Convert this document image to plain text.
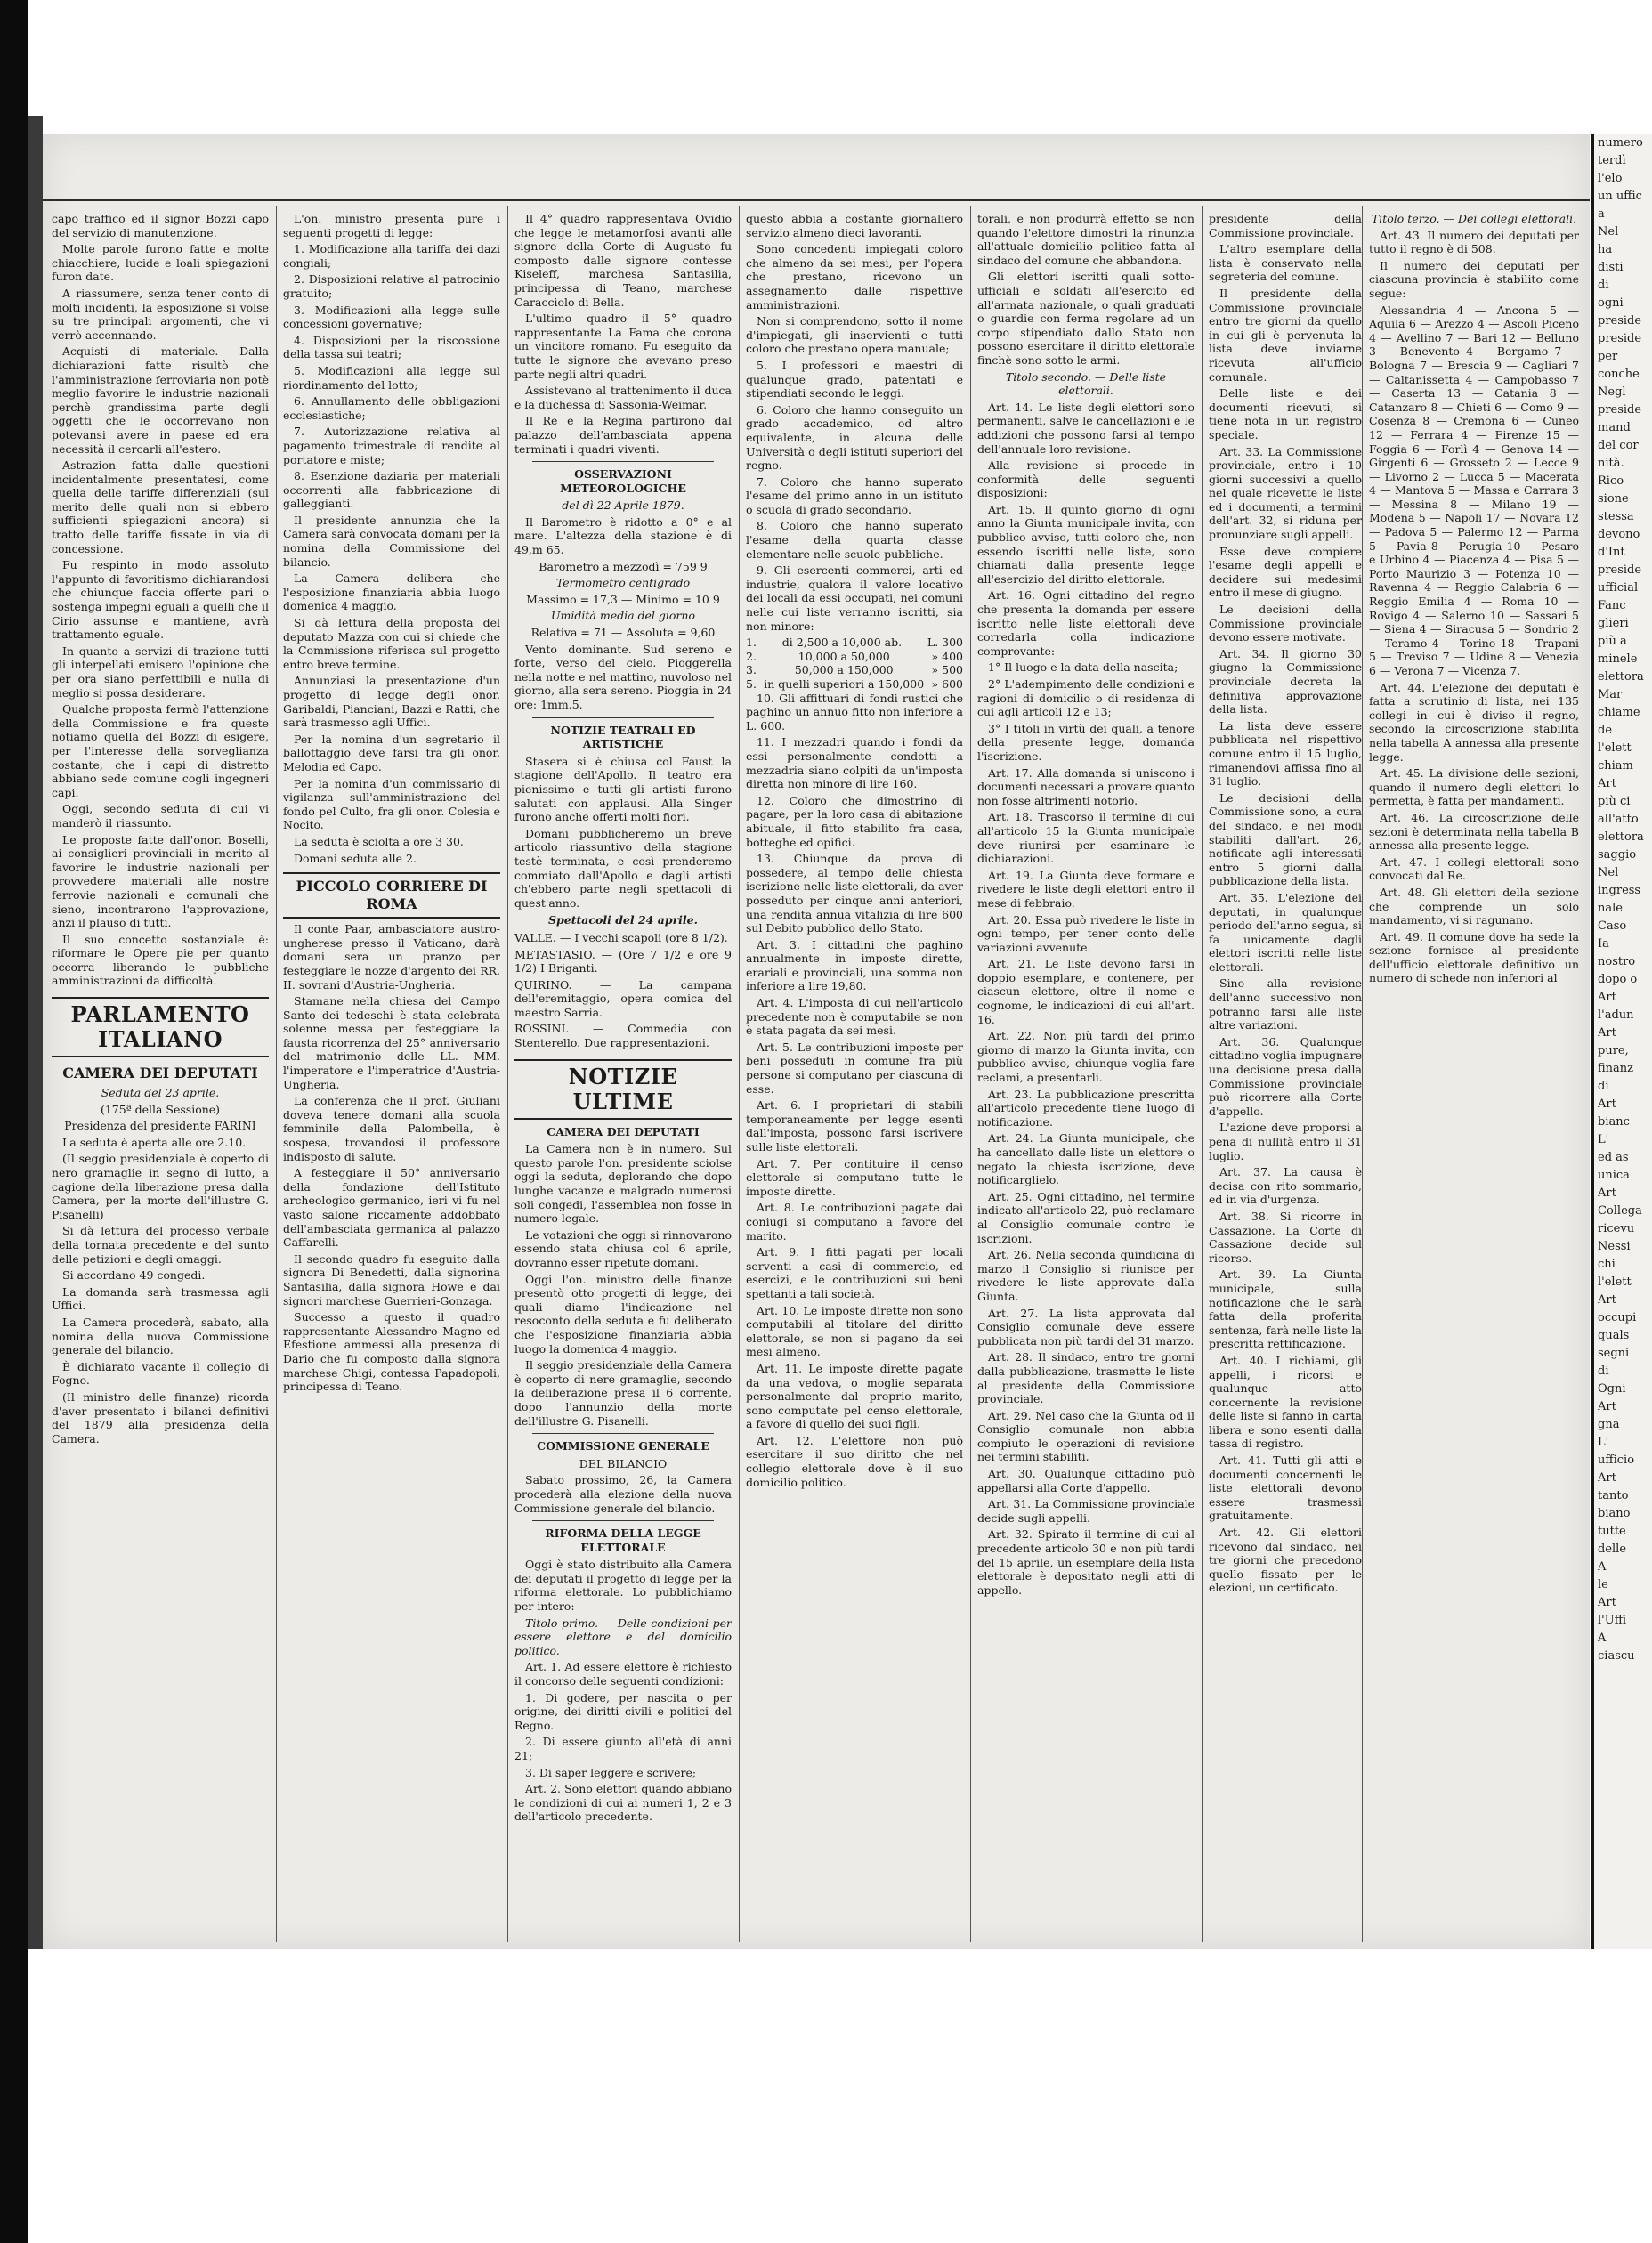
capo traffico ed il signor Bozzi capo del servizio di manutenzione.

Molte parole furono fatte e molte chiacchiere, lucide e loali spiegazioni furon date.

A riassumere, senza tener conto di molti incidenti, la esposizione si volse su tre principali argomenti, che vi verrò accennando.

Acquisti di materiale. Dalla dichiarazioni fatte risultò che l'amministrazione ferroviaria non potè meglio favorire le industrie nazionali perchè grandissima parte degli oggetti che le occorrevano non potevansi avere in paese ed era necessità il cercarli all'estero.

Astrazion fatta dalle questioni incidentalmente presentatesi, come quella delle tariffe differenziali (sul merito delle quali non si ebbero sufficienti spiegazioni ancora) si tratto delle tariffe fissate in via di concessione.

Fu respinto in modo assoluto l'appunto di favoritismo dichiarandosi che chiunque faccia offerte pari o sostenga impegni eguali a quelli che il Cirio assunse e mantiene, avrà trattamento eguale.

In quanto a servizi di trazione tutti gli interpellati emisero l'opinione che per ora siano perfettibili e nulla di meglio si possa desiderare.

Qualche proposta fermò l'attenzione della Commissione e fra queste notiamo quella del Bozzi di esigere, per l'interesse della sorveglianza costante, che i capi di distretto abbiano sede comune cogli ingegneri capi.

Oggi, secondo seduta di cui vi manderò il riassunto.

Le proposte fatte dall'onor. Boselli, ai consiglieri provinciali in merito al favorire le industrie nazionali per provvedere materiali alle nostre ferrovie nazionali e comunali che sieno, incontrarono l'approvazione, anzi il plauso di tutti.

Il suo concetto sostanziale è: riformare le Opere pie per quanto occorra liberando le pubbliche amministrazioni da difficoltà.

PARLAMENTO ITALIANO
CAMERA DEI DEPUTATI

Seduta del 23 aprile.

(175ª della Sessione)

Presidenza del presidente FARINI

La seduta è aperta alle ore 2.10.

(Il seggio presidenziale è coperto di nero gramaglie in segno di lutto, a cagione della liberazione presa dalla Camera, per la morte dell'illustre G. Pisanelli)

Si dà lettura del processo verbale della tornata precedente e del sunto delle petizioni e degli omaggi.

Si accordano 49 congedi.

La domanda sarà trasmessa agli Uffici.

La Camera procederà, sabato, alla nomina della nuova Commissione generale del bilancio.

È dichiarato vacante il collegio di Fogno.

(Il ministro delle finanze) ricorda d'aver presentato i bilanci definitivi del 1879 alla presidenza della Camera.

L'on. ministro presenta pure i seguenti progetti di legge:

1. Modificazione alla tariffa dei dazi congiali;

2. Disposizioni relative al patrocinio gratuito;

3. Modificazioni alla legge sulle concessioni governative;

4. Disposizioni per la riscossione della tassa sui teatri;

5. Modificazioni alla legge sul riordinamento del lotto;

6. Annullamento delle obbligazioni ecclesiastiche;

7. Autorizzazione relativa al pagamento trimestrale di rendite al portatore e miste;

8. Esenzione daziaria per materiali occorrenti alla fabbricazione di galleggianti.

Il presidente annunzia che la Camera sarà convocata domani per la nomina della Commissione del bilancio.

La Camera delibera che l'esposizione finanziaria abbia luogo domenica 4 maggio.

Si dà lettura della proposta del deputato Mazza con cui si chiede che la Commissione riferisca sul progetto entro breve termine.

Annunziasi la presentazione d'un progetto di legge degli onor. Garibaldi, Pianciani, Bazzi e Ratti, che sarà trasmesso agli Uffici.

Per la nomina d'un segretario il ballottaggio deve farsi tra gli onor. Melodia ed Capo.

Per la nomina d'un commissario di vigilanza sull'amministrazione del fondo pel Culto, fra gli onor. Colesia e Nocito.

La seduta è sciolta a ore 3 30.

Domani seduta alle 2.

PICCOLO CORRIERE DI ROMA

Il conte Paar, ambasciatore austro-ungherese presso il Vaticano, darà domani sera un pranzo per festeggiare le nozze d'argento dei RR. II. sovrani d'Austria-Ungheria.

Stamane nella chiesa del Campo Santo dei tedeschi è stata celebrata solenne messa per festeggiare la fausta ricorrenza del 25° anniversario del matrimonio delle LL. MM. l'imperatore e l'imperatrice d'Austria-Ungheria.

La conferenza che il prof. Giuliani doveva tenere domani alla scuola femminile della Palombella, è sospesa, trovandosi il professore indisposto di salute.

A festeggiare il 50° anniversario della fondazione dell'Istituto archeologico germanico, ieri vi fu nel vasto salone riccamente addobbato dell'ambasciata germanica al palazzo Caffarelli.

Il secondo quadro fu eseguito dalla signora Di Benedetti, dalla signorina Santasilia, dalla signora Howe e dai signori marchese Guerrieri-Gonzaga.

Successo a questo il quadro rappresentante Alessandro Magno ed Efestione ammessi alla presenza di Dario che fu composto dalla signora marchese Chigi, contessa Papadopoli, principessa di Teano.

Il 4° quadro rappresentava Ovidio che legge le metamorfosi avanti alle signore della Corte di Augusto fu composto dalle signore contesse Kiseleff, marchesa Santasilia, principessa di Teano, marchese Caracciolo di Bella.

L'ultimo quadro il 5° quadro rappresentante La Fama che corona un vincitore romano. Fu eseguito da tutte le signore che avevano preso parte negli altri quadri.

Assistevano al trattenimento il duca e la duchessa di Sassonia-Weimar.

Il Re e la Regina partirono dal palazzo dell'ambasciata appena terminati i quadri viventi.

OSSERVAZIONI METEOROLOGICHE

del dì 22 Aprile 1879.

Il Barometro è ridotto a 0° e al mare. L'altezza della stazione è di 49,m 65.

Barometro a mezzodì = 759 9

Termometro centigrado

Massimo = 17,3 — Minimo = 10 9

Umidità media del giorno

Relativa = 71 — Assoluta = 9,60

Vento dominante. Sud sereno e forte, verso del cielo. Pioggerella nella notte e nel mattino, nuvoloso nel giorno, alla sera sereno. Pioggia in 24 ore: 1mm.5.

NOTIZIE TEATRALI ED ARTISTICHE

Stasera si è chiusa col Faust la stagione dell'Apollo. Il teatro era pienissimo e tutti gli artisti furono salutati con applausi. Alla Singer furono anche offerti molti fiori.

Domani pubblicheremo un breve articolo riassuntivo della stagione testè terminata, e così prenderemo commiato dall'Apollo e dagli artisti ch'ebbero parte negli spettacoli di quest'anno.

Spettacoli del 24 aprile.

VALLE. — I vecchi scapoli (ore 8 1/2).

METASTASIO. — (Ore 7 1/2 e ore 9 1/2) I Briganti.

QUIRINO. — La campana dell'eremitaggio, opera comica del maestro Sarria.

ROSSINI. — Commedia con Stenterello. Due rappresentazioni.

NOTIZIE ULTIME
CAMERA DEI DEPUTATI

La Camera non è in numero. Sul questo parole l'on. presidente sciolse oggi la seduta, deplorando che dopo lunghe vacanze e malgrado numerosi soli congedi, l'assemblea non fosse in numero legale.

Le votazioni che oggi si rinnovarono essendo stata chiusa col 6 aprile, dovranno esser ripetute domani.

Oggi l'on. ministro delle finanze presentò otto progetti di legge, dei quali diamo l'indicazione nel resoconto della seduta e fu deliberato che l'esposizione finanziaria abbia luogo la domenica 4 maggio.

Il seggio presidenziale della Camera è coperto di nere gramaglie, secondo la deliberazione presa il 6 corrente, dopo l'annunzio della morte dell'illustre G. Pisanelli.

COMMISSIONE GENERALE

DEL BILANCIO

Sabato prossimo, 26, la Camera procederà alla elezione della nuova Commissione generale del bilancio.

RIFORMA DELLA LEGGE ELETTORALE

Oggi è stato distribuito alla Camera dei deputati il progetto di legge per la riforma elettorale. Lo pubblichiamo per intero:

Titolo primo. — Delle condizioni per essere elettore e del domicilio politico.

Art. 1. Ad essere elettore è richiesto il concorso delle seguenti condizioni:

1. Di godere, per nascita o per origine, dei diritti civili e politici del Regno.

2. Di essere giunto all'età di anni 21;

3. Di saper leggere e scrivere;

Art. 2. Sono elettori quando abbiano le condizioni di cui ai numeri 1, 2 e 3 dell'articolo precedente.

questo abbia a costante giornaliero servizio almeno dieci lavoranti.

Sono concedenti impiegati coloro che almeno da sei mesi, per l'opera che prestano, ricevono un assegnamento dalle rispettive amministrazioni.

Non si comprendono, sotto il nome d'impiegati, gli inservienti e tutti coloro che prestano opera manuale;

5. I professori e maestri di qualunque grado, patentati e stipendiati secondo le leggi.

6. Coloro che hanno conseguito un grado accademico, od altro equivalente, in alcuna delle Università o degli istituti superiori del regno.

7. Coloro che hanno superato l'esame del primo anno in un istituto o scuola di grado secondario.

8. Coloro che hanno superato l'esame della quarta classe elementare nelle scuole pubbliche.

9. Gli esercenti commerci, arti ed industrie, qualora il valore locativo dei locali da essi occupati, nei comuni nelle cui liste verranno iscritti, sia non minore:

1. di 2,500 a 10,000 ab. L. 300
2.	10,000 a 50,000	» 400
3.	50,000 a 150,000	» 500
5. in quelli superiori a 150,000 » 600

10. Gli affittuari di fondi rustici che paghino un annuo fitto non inferiore a L. 600.

11. I mezzadri quando i fondi da essi personalmente condotti a mezzadria siano colpiti da un'imposta diretta non minore di lire 160.

12. Coloro che dimostrino di pagare, per la loro casa di abitazione abituale, il fitto stabilito fra casa, botteghe ed opifici.

13. Chiunque da prova di possedere, al tempo delle chiesta iscrizione nelle liste elettorali, da aver posseduto per cinque anni anteriori, una rendita annua vitalizia di lire 600 sul Debito pubblico dello Stato.

Art. 3. I cittadini che paghino annualmente in imposte dirette, erariali e provinciali, una somma non inferiore a lire 19,80.

Art. 4. L'imposta di cui nell'articolo precedente non è computabile se non è stata pagata da sei mesi.

Art. 5. Le contribuzioni imposte per beni posseduti in comune fra più persone si computano per ciascuna di esse.

Art. 6. I proprietari di stabili temporaneamente per legge esenti dall'imposta, possono farsi iscrivere sulle liste elettorali.

Art. 7. Per contituire il censo elettorale si computano tutte le imposte dirette.

Art. 8. Le contribuzioni pagate dai coniugi si computano a favore del marito.

Art. 9. I fitti pagati per locali serventi a casi di commercio, ed esercizi, e le contribuzioni sui beni spettanti a tali società.

Art. 10. Le imposte dirette non sono computabili al titolare del diritto elettorale, se non si pagano da sei mesi almeno.

Art. 11. Le imposte dirette pagate da una vedova, o moglie separata personalmente dal proprio marito, sono computate pel censo elettorale, a favore di quello dei suoi figli.

Art. 12. L'elettore non può esercitare il suo diritto che nel collegio elettorale dove è il suo domicilio politico.

torali, e non produrrà effetto se non quando l'elettore dimostri la rinunzia all'attuale domicilio politico fatta al sindaco del comune che abbandona.

Gli elettori iscritti quali sotto-ufficiali e soldati all'esercito ed all'armata nazionale, o quali graduati o guardie con ferma regolare ad un corpo stipendiato dallo Stato non possono esercitare il diritto elettorale finchè sono sotto le armi.

Titolo secondo. — Delle liste elettorali.

Art. 14. Le liste degli elettori sono permanenti, salve le cancellazioni e le addizioni che possono farsi al tempo dell'annuale loro revisione.

Alla revisione si procede in conformità delle seguenti disposizioni:

Art. 15. Il quinto giorno di ogni anno la Giunta municipale invita, con pubblico avviso, tutti coloro che, non essendo iscritti nelle liste, sono chiamati dalla presente legge all'esercizio del diritto elettorale.

Art. 16. Ogni cittadino del regno che presenta la domanda per essere iscritto nelle liste elettorali deve corredarla colla indicazione comprovante:

1° Il luogo e la data della nascita;

2° L'adempimento delle condizioni e ragioni di domicilio o di residenza di cui agli articoli 12 e 13;

3° I titoli in virtù dei quali, a tenore della presente legge, domanda l'iscrizione.

Art. 17. Alla domanda si uniscono i documenti necessari a provare quanto non fosse altrimenti notorio.

Art. 18. Trascorso il termine di cui all'articolo 15 la Giunta municipale deve riunirsi per esaminare le dichiarazioni.

Art. 19. La Giunta deve formare e rivedere le liste degli elettori entro il mese di febbraio.

Art. 20. Essa può rivedere le liste in ogni tempo, per tener conto delle variazioni avvenute.

Art. 21. Le liste devono farsi in doppio esemplare, e contenere, per ciascun elettore, oltre il nome e cognome, le indicazioni di cui all'art. 16.

Art. 22. Non più tardi del primo giorno di marzo la Giunta invita, con pubblico avviso, chiunque voglia fare reclami, a presentarli.

Art. 23. La pubblicazione prescritta all'articolo precedente tiene luogo di notificazione.

Art. 24. La Giunta municipale, che ha cancellato dalle liste un elettore o negato la chiesta iscrizione, deve notificarglielo.

Art. 25. Ogni cittadino, nel termine indicato all'articolo 22, può reclamare al Consiglio comunale contro le iscrizioni.

Art. 26. Nella seconda quindicina di marzo il Consiglio si riunisce per rivedere le liste approvate dalla Giunta.

Art. 27. La lista approvata dal Consiglio comunale deve essere pubblicata non più tardi del 31 marzo.

Art. 28. Il sindaco, entro tre giorni dalla pubblicazione, trasmette le liste al presidente della Commissione provinciale.

Art. 29. Nel caso che la Giunta od il Consiglio comunale non abbia compiuto le operazioni di revisione nei termini stabiliti.

Art. 30. Qualunque cittadino può appellarsi alla Corte d'appello.

Art. 31. La Commissione provinciale decide sugli appelli.

Art. 32. Spirato il termine di cui al precedente articolo 30 e non più tardi del 15 aprile, un esemplare della lista elettorale è depositato negli atti di appello.

presidente della Commissione provinciale.

L'altro esemplare della lista è conservato nella segreteria del comune.

Il presidente della Commissione provinciale entro tre giorni da quello in cui gli è pervenuta la lista deve inviarne ricevuta all'ufficio comunale.

Delle liste e dei documenti ricevuti, si tiene nota in un registro speciale.

Art. 33. La Commissione provinciale, entro i 10 giorni successivi a quello nel quale ricevette le liste ed i documenti, a termini dell'art. 32, si riduna per pronunziare sugli appelli.

Esse deve compiere l'esame degli appelli e decidere sui medesimi entro il mese di giugno.

Le decisioni della Commissione provinciale devono essere motivate.

Art. 34. Il giorno 30 giugno la Commissione provinciale decreta la definitiva approvazione della lista.

La lista deve essere pubblicata nel rispettivo comune entro il 15 luglio, rimanendovi affissa fino al 31 luglio.

Le decisioni della Commissione sono, a cura del sindaco, e nei modi stabiliti dall'art. 26, notificate agli interessati entro 5 giorni dalla pubblicazione della lista.

Art. 35. L'elezione dei deputati, in qualunque periodo dell'anno segua, si fa unicamente dagli elettori iscritti nelle liste elettorali.

Sino alla revisione dell'anno successivo non potranno farsi alle liste altre variazioni.

Art. 36. Qualunque cittadino voglia impugnare una decisione presa dalla Commissione provinciale può ricorrere alla Corte d'appello.

L'azione deve proporsi a pena di nullità entro il 31 luglio.

Art. 37. La causa è decisa con rito sommario, ed in via d'urgenza.

Art. 38. Si ricorre in Cassazione. La Corte di Cassazione decide sul ricorso.

Art. 39. La Giunta municipale, sulla notificazione che le sarà fatta della proferita sentenza, farà nelle liste la prescritta rettificazione.

Art. 40. I richiami, gli appelli, i ricorsi e qualunque atto concernente la revisione delle liste si fanno in carta libera e sono esenti dalla tassa di registro.

Art. 41. Tutti gli atti e documenti concernenti le liste elettorali devono essere trasmessi gratuitamente.

Art. 42. Gli elettori ricevono dal sindaco, nei tre giorni che precedono quello fissato per le elezioni, un certificato.

Titolo terzo. — Dei collegi elettorali.

Art. 43. Il numero dei deputati per tutto il regno è di 508.

Il numero dei deputati per ciascuna provincia è stabilito come segue:

Alessandria 4 — Ancona 5 — Aquila 6 — Arezzo 4 — Ascoli Piceno 4 — Avellino 7 — Bari 12 — Belluno 3 — Benevento 4 — Bergamo 7 — Bologna 7 — Brescia 9 — Cagliari 7 — Caltanissetta 4 — Campobasso 7 — Caserta 13 — Catania 8 — Catanzaro 8 — Chieti 6 — Como 9 — Cosenza 8 — Cremona 6 — Cuneo 12 — Ferrara 4 — Firenze 15 — Foggia 6 — Forlì 4 — Genova 14 — Girgenti 6 — Grosseto 2 — Lecce 9 — Livorno 2 — Lucca 5 — Macerata 4 — Mantova 5 — Massa e Carrara 3 — Messina 8 — Milano 19 — Modena 5 — Napoli 17 — Novara 12 — Padova 5 — Palermo 12 — Parma 5 — Pavia 8 — Perugia 10 — Pesaro e Urbino 4 — Piacenza 4 — Pisa 5 — Porto Maurizio 3 — Potenza 10 — Ravenna 4 — Reggio Calabria 6 — Reggio Emilia 4 — Roma 10 — Rovigo 4 — Salerno 10 — Sassari 5 — Siena 4 — Siracusa 5 — Sondrio 2 — Teramo 4 — Torino 18 — Trapani 5 — Treviso 7 — Udine 8 — Venezia 6 — Verona 7 — Vicenza 7.

Art. 44. L'elezione dei deputati è fatta a scrutinio di lista, nei 135 collegi in cui è diviso il regno, secondo la circoscrizione stabilita nella tabella A annessa alla presente legge.

Art. 45. La divisione delle sezioni, quando il numero degli elettori lo permetta, è fatta per mandamenti.

Art. 46. La circoscrizione delle sezioni è determinata nella tabella B annessa alla presente legge.

Art. 47. I collegi elettorali sono convocati dal Re.

Art. 48. Gli elettori della sezione che comprende un solo mandamento, vi si ragunano.

Art. 49. Il comune dove ha sede la sezione fornisce al presidente dell'ufficio elettorale definitivo un numero di schede non inferiori al

numero
terdì
l'elo
un uffic
a
Nel
ha
disti
di
ogni
preside
preside
per
conche
Negl
preside
mand
del cor
nità.
Rico
sione
stessa
devono
d'Int
preside
ufficial
Fanc
glieri
più a
minele
elettora
Mar
chiame
de
l'elett
chiam
Art
più ci
all'atto
elettora
saggio
Nel
ingress
nale
Caso
Ia
nostro
dopo o
Art
l'adun
Art
pure,
finanz
di
Art
bianc
L'
ed as
unica
Art
Collega
ricevu
Nessi
chi
l'elett
Art
occupi
quals
segni
di
Ogni
Art
gna
L'
ufficio
Art
tanto
biano
tutte
delle
A
le
Art
l'Uffi
A
ciascu
